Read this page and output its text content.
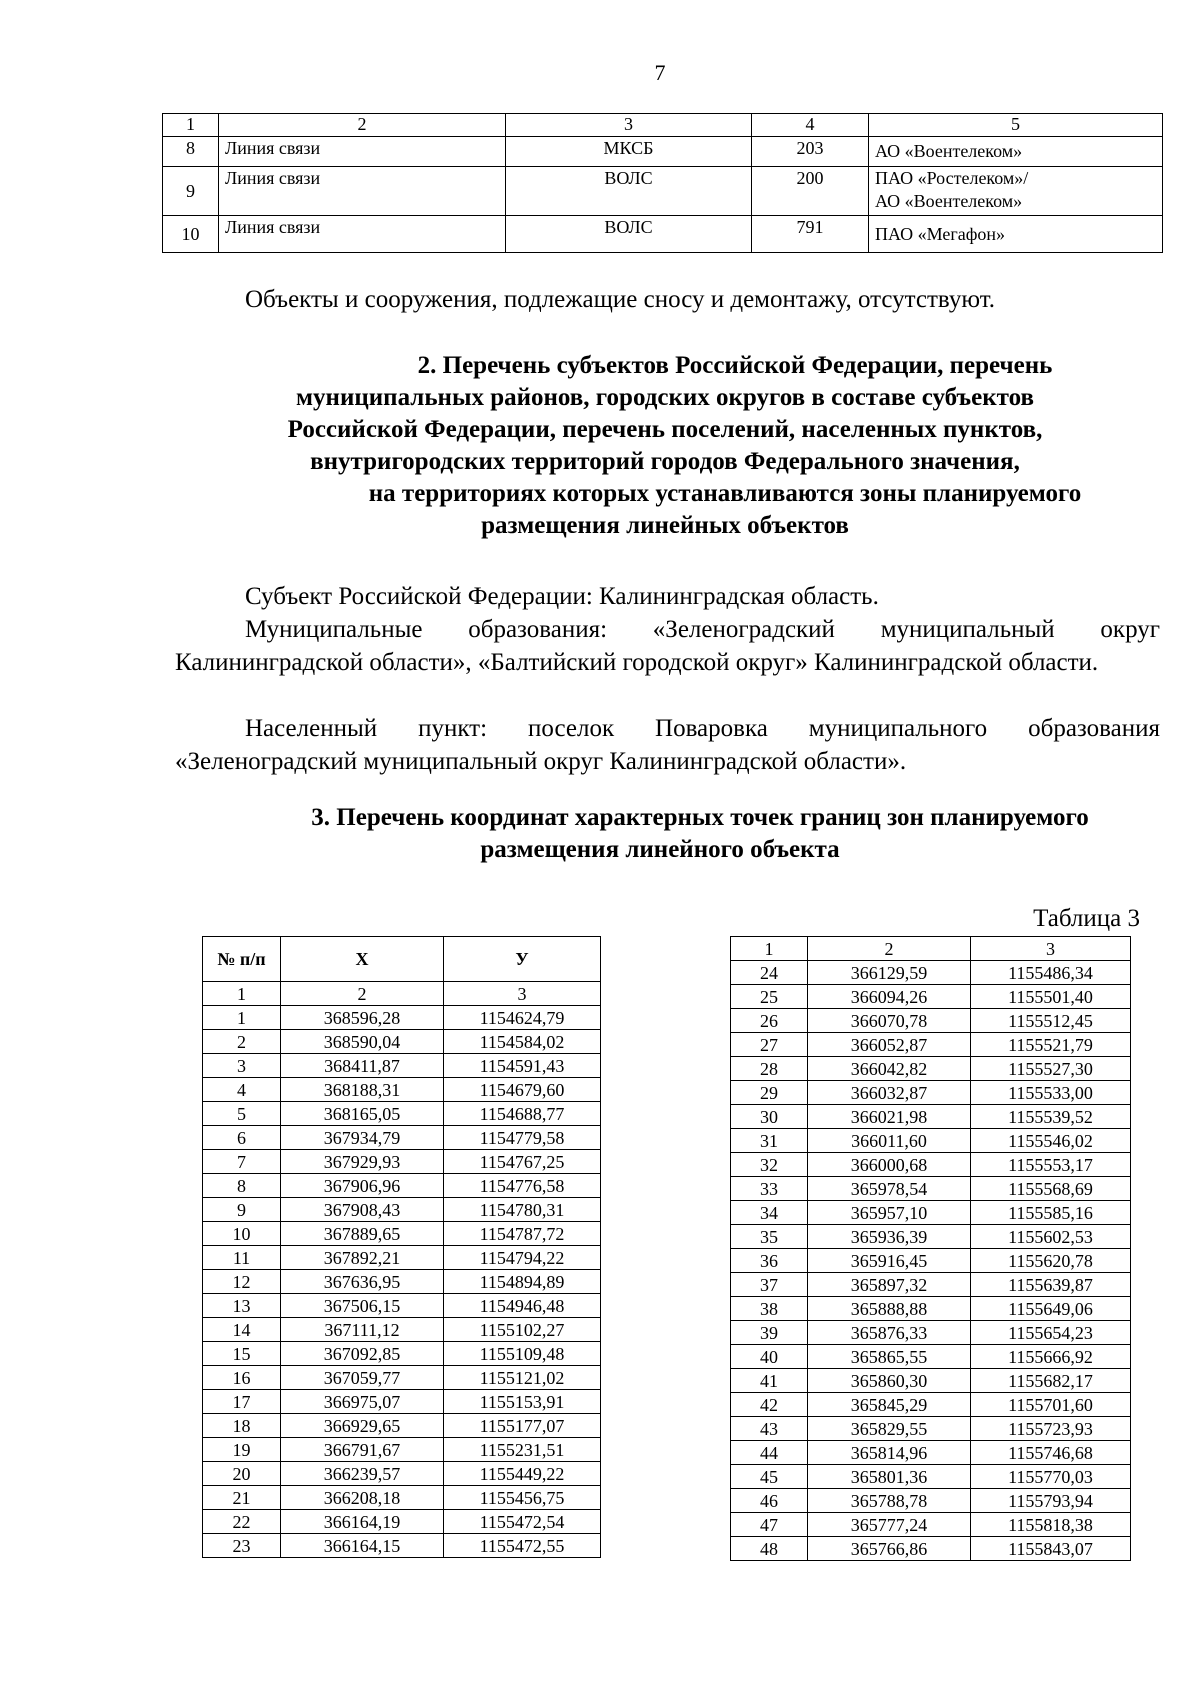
7
1	2	3	4	5
8	Линия связи	МКСБ	203	АО «Воентелеком»
9	Линия связи	ВОЛС	200	ПАО «Ростелеком»/
АО «Воентелеком»

10	Линия связи	ВОЛС	791	ПАО «Мегафон»
Объекты и сооружения, подлежащие сносу и демонтажу, отсутствуют.
2. Перечень субъектов Российской Федерации, перечень
муниципальных районов, городских округов в составе субъектов
Российской Федерации, перечень поселений, населенных пунктов,
внутригородских территорий городов Федерального значения,
на территориях которых устанавливаются зоны планируемого
размещения линейных объектов
Субъект Российской Федерации: Калининградская область.
Муниципальные образования: «Зеленоградский муниципальный округ Калининградской области», «Балтийский городской округ» Калининградской области.
Населенный пункт: поселок Поваровка муниципального образования «Зеленоградский муниципальный округ Калининградской области».
3. Перечень координат характерных точек границ зон планируемого
размещения линейного объекта
Таблица 3
№ п/п	Х	У
1	2	3
1	368596,28	1154624,79
2	368590,04	1154584,02
3	368411,87	1154591,43
4	368188,31	1154679,60
5	368165,05	1154688,77
6	367934,79	1154779,58
7	367929,93	1154767,25
8	367906,96	1154776,58
9	367908,43	1154780,31
10	367889,65	1154787,72
11	367892,21	1154794,22
12	367636,95	1154894,89
13	367506,15	1154946,48
14	367111,12	1155102,27
15	367092,85	1155109,48
16	367059,77	1155121,02
17	366975,07	1155153,91
18	366929,65	1155177,07
19	366791,67	1155231,51
20	366239,57	1155449,22
21	366208,18	1155456,75
22	366164,19	1155472,54
23	366164,15	1155472,55
1	2	3
24	366129,59	1155486,34
25	366094,26	1155501,40
26	366070,78	1155512,45
27	366052,87	1155521,79
28	366042,82	1155527,30
29	366032,87	1155533,00
30	366021,98	1155539,52
31	366011,60	1155546,02
32	366000,68	1155553,17
33	365978,54	1155568,69
34	365957,10	1155585,16
35	365936,39	1155602,53
36	365916,45	1155620,78
37	365897,32	1155639,87
38	365888,88	1155649,06
39	365876,33	1155654,23
40	365865,55	1155666,92
41	365860,30	1155682,17
42	365845,29	1155701,60
43	365829,55	1155723,93
44	365814,96	1155746,68
45	365801,36	1155770,03
46	365788,78	1155793,94
47	365777,24	1155818,38
48	365766,86	1155843,07
